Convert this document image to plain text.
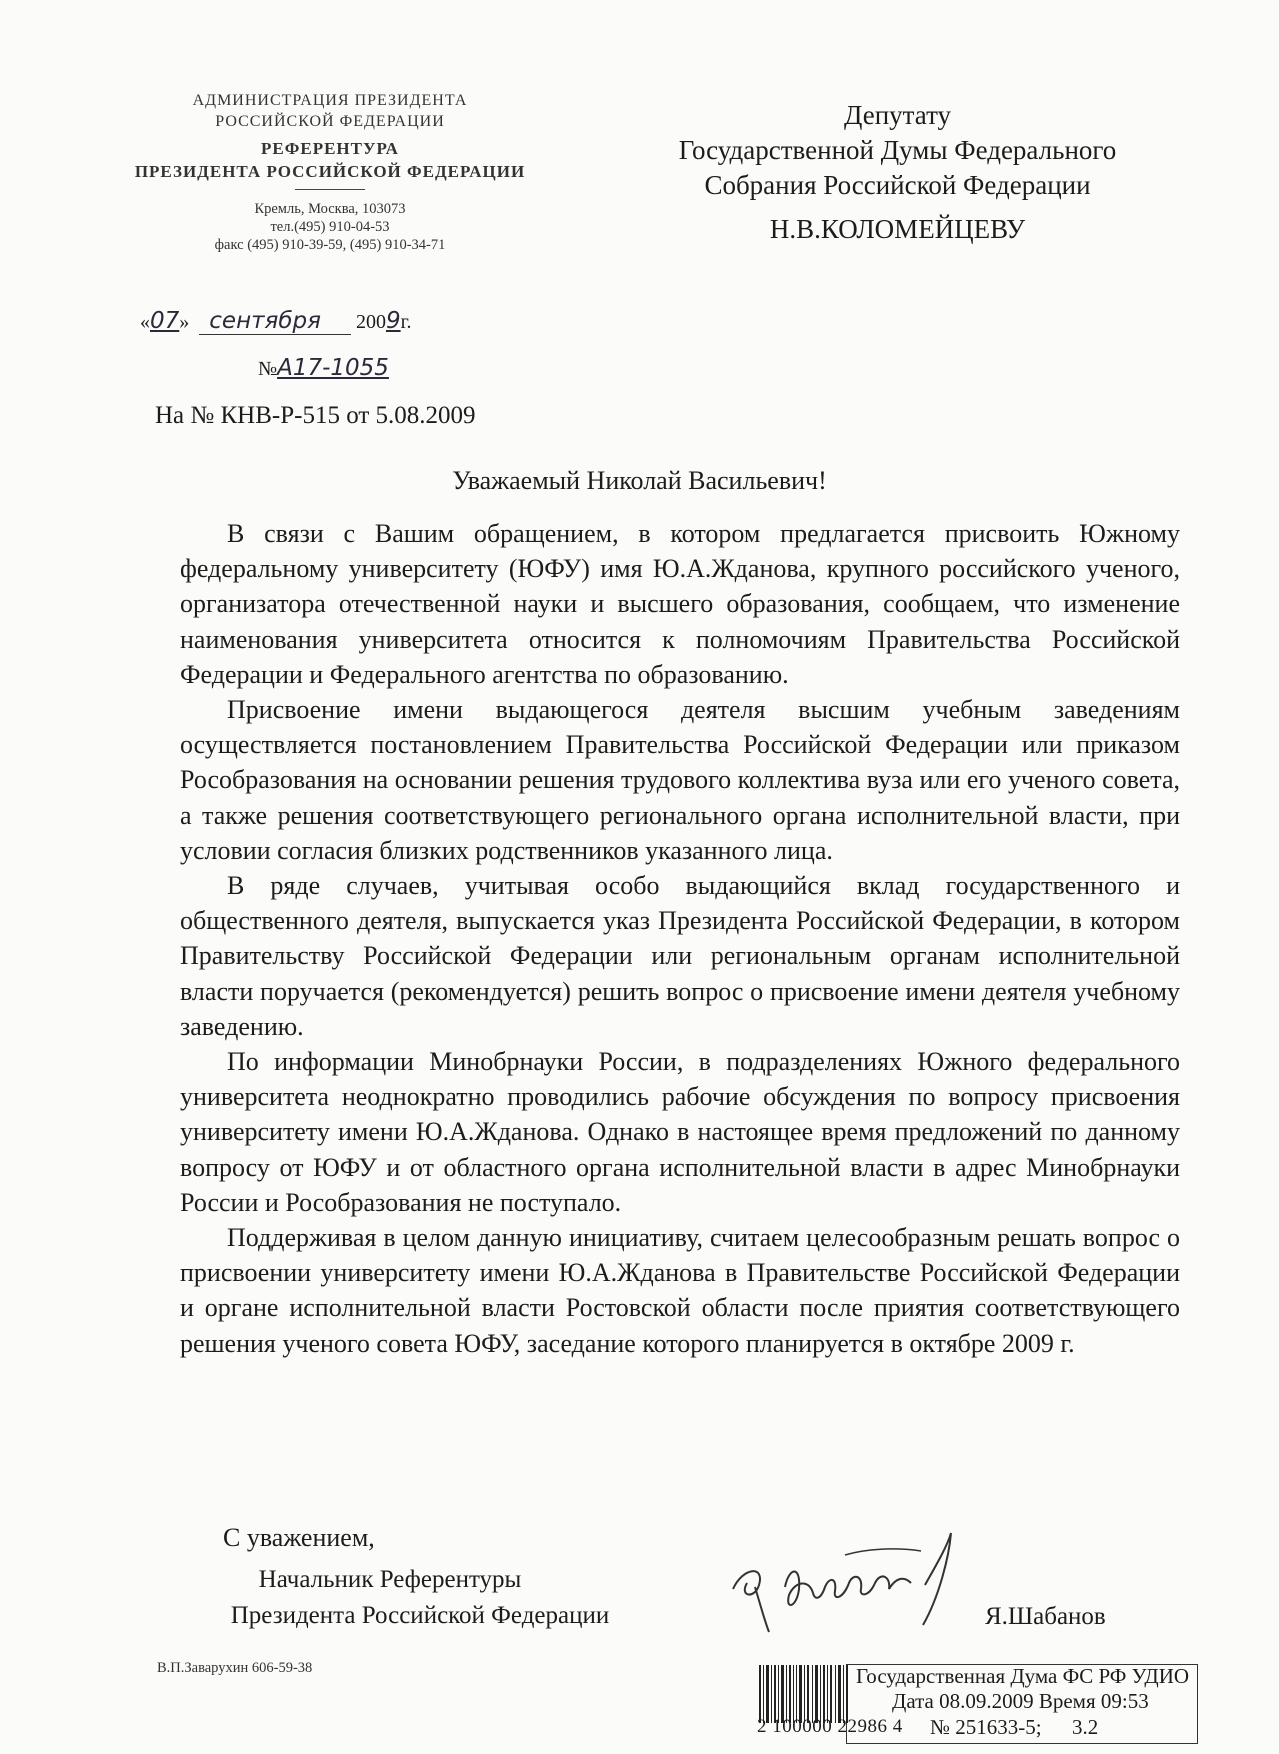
АДМИНИСТРАЦИЯ ПРЕЗИДЕНТА
РОССИЙСКОЙ ФЕДЕРАЦИИ
РЕФЕРЕНТУРА
ПРЕЗИДЕНТА РОССИЙСКОЙ ФЕДЕРАЦИИ
Кремль, Москва, 103073
тел.(495) 910-04-53
факс (495) 910-39-59, (495) 910-34-71
Депутату
Государственной Думы Федерального
Собрания Российской Федерации
Н.В.КОЛОМЕЙЦЕВУ
«07» сентября 2009г.
№А17-1055
На № КНВ-Р-515 от 5.08.2009
Уважаемый Николай Васильевич!

В связи с Вашим обращением, в котором предлагается присвоить Южному федеральному университету (ЮФУ) имя Ю.А.Жданова, крупного российского ученого, организатора отечественной науки и высшего образования, сообщаем, что изменение наименования университета относится к полномочиям Правительства Российской Федерации и Федерального агентства по образованию.

Присвоение имени выдающегося деятеля высшим учебным заведениям осуществляется постановлением Правительства Российской Федерации или приказом Рособразования на основании решения трудового коллектива вуза или его ученого совета, а также решения соответствующего регионального органа исполнительной власти, при условии согласия близких родственников указанного лица.

В ряде случаев, учитывая особо выдающийся вклад государственного и общественного деятеля, выпускается указ Президента Российской Федерации, в котором Правительству Российской Федерации или региональным органам исполнительной власти поручается (рекомендуется) решить вопрос о присвоение имени деятеля учебному заведению.

По информации Минобрнауки России, в подразделениях Южного федерального университета неоднократно проводились рабочие обсуждения по вопросу присвоения университету имени Ю.А.Жданова. Однако в настоящее время предложений по данному вопросу от ЮФУ и от областного органа исполнительной власти в адрес Минобрнауки России и Рособразования не поступало.

Поддерживая в целом данную инициативу, считаем целесообразным решать вопрос о присвоении университету имени Ю.А.Жданова в Правительстве Российской Федерации и органе исполнительной власти Ростовской области после приятия соответствующего решения ученого совета ЮФУ, заседание которого планируется в октябре 2009 г.

С уважением,
Начальник Референтуры
Президента Российской Федерации	Я.Шабанов
В.П.Заварухин 606-59-38	Государственная Дума ФС РФ УДИО
Дата 08.09.2009 Время 09:53
№ 251633-5; 3.2
2 100000 22986 4
